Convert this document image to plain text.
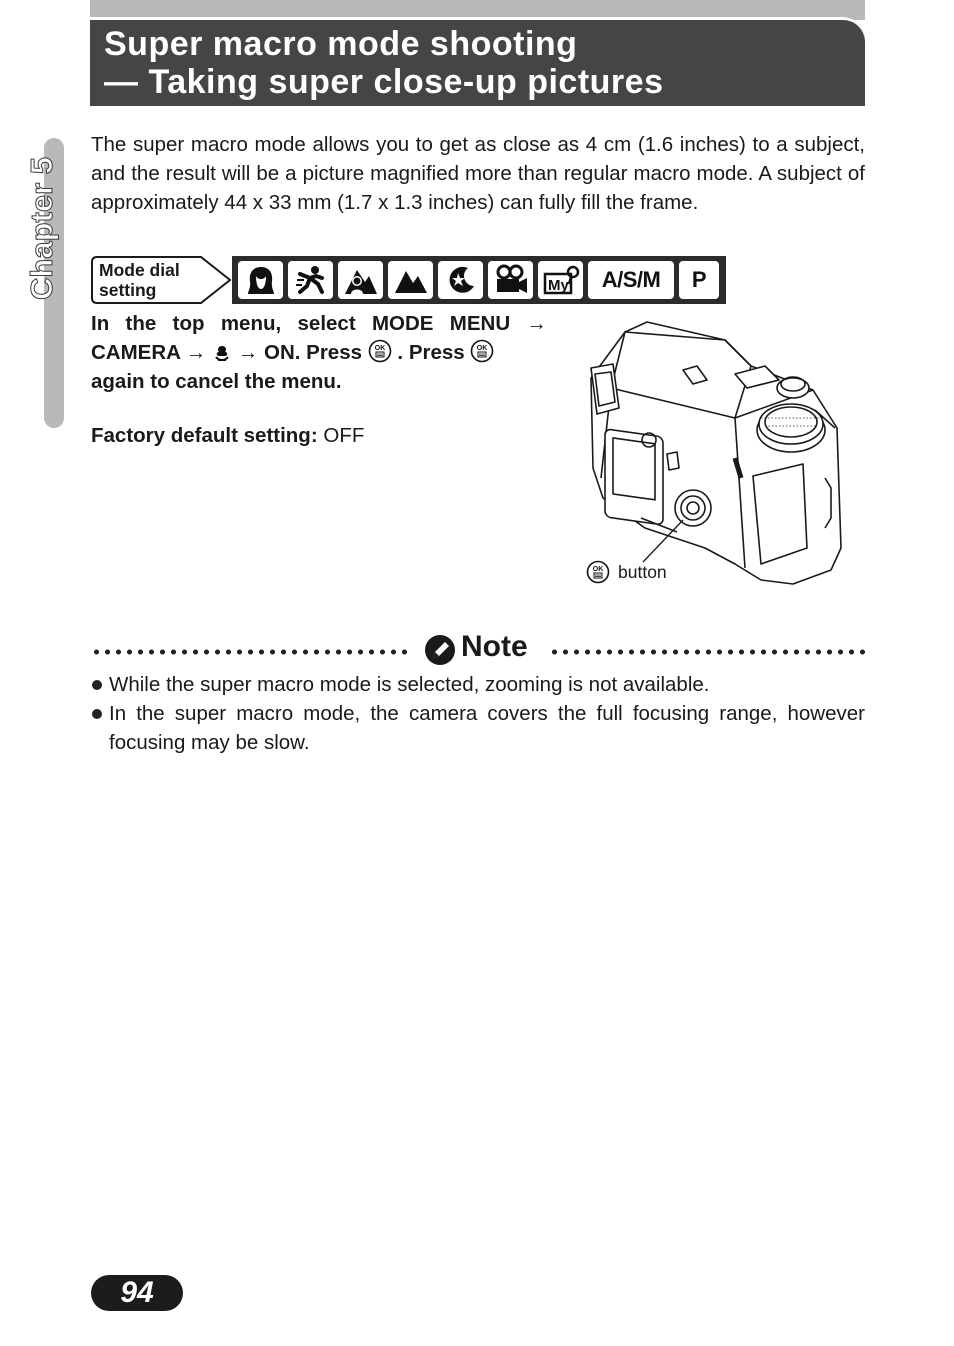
Super macro mode shooting
— Taking super close-up pictures
Chapter 5
The super macro mode allows you to get as close as 4 cm (1.6 inches) to a subject, and the result will be a picture magnified more than regular macro mode. A subject of approximately 44 x 33 mm (1.7 x 1.3 inches) can fully fill the frame.
Mode dial
setting	My A/S/M P
In the top menu, select MODE MENU →
CAMERA → → ON. Press OK . Press OK
again to cancel the menu.
Factory default setting: OFF
OK button
Note
While the super macro mode is selected, zooming is not available.
In the super macro mode, the camera covers the full focusing range, however focusing may be slow.
94
